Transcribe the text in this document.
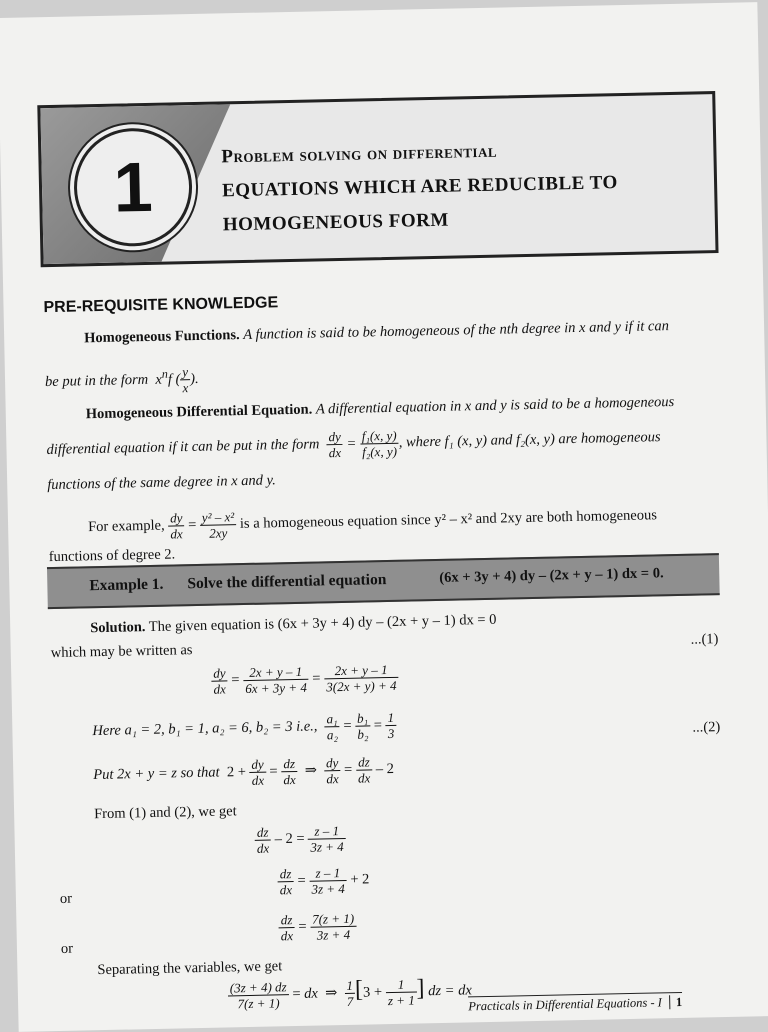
1	Problem solving on differential
EQUATIONS WHICH ARE REDUCIBLE TO
HOMOGENEOUS FORM
PRE-REQUISITE KNOWLEDGE
Homogeneous Functions. A function is said to be homogeneous of the nth degree in x and y if it can
be put in the form  $x^nf$ ( $\frac{y}{x}$ ).
Homogeneous Differential Equation. A differential equation in x and y is said to be a homogeneous
differential equation if it can be put in the form $\frac{dy}{dx} = \frac{\text{f₁(x, y)}}{\text{f₂(x, y)}}$ , where f₁ (x, y) and f₂(x, y) are homogeneous
functions of the same degree in x and y.
For example, $\frac{dy}{dx} = \frac{\text{y² – x²}}{2xy}$ is a homogeneous equation since y² – x² and 2xy are both homogeneous
functions of degree 2.
Example 1. Solve the differential equation	(6x + 3y + 4) dy – (2x + y – 1) dx = 0.
Solution. The given equation is (6x + 3y + 4) dy – (2x + y – 1) dx = 0
which may be written as
...(1)
$\frac{dy}{dx} = \frac{2x + y - 1}{6x + 3y + 4} = \frac{2x + y - 1}{3(2x + y) + 4}$
Here a₁ = 2, b₁ = 1, a₂ = 6, b₂ = 3 i.e., $\frac{\text{a₁}}{\text{a₂}} = \frac{\text{b₁}}{\text{b₂}} = \frac{1}{3}$	...(2)
Put 2x + y = z so that  $2 + \frac{dy}{dx} = \frac{dz}{dx}$ ⇒ $\frac{dy}{dx} = \frac{dz}{dx} - 2$
From (1) and (2), we get
$\frac{dz}{dx} - 2 = \frac{z - 1}{3z + 4}$
or
$\frac{dz}{dx} = \frac{z - 1}{3z + 4} + 2$
or
$\frac{dz}{dx} = \frac{7(z + 1)}{3z + 4}$
Separating the variables, we get
$\frac{(3z + 4) dz}{7(z + 1)}$ = dx  ⇒ $\frac{1}{7} [3 + \frac{1}{z + 1}$ ] dz = dx
Practicals in Differential Equations - I 1
